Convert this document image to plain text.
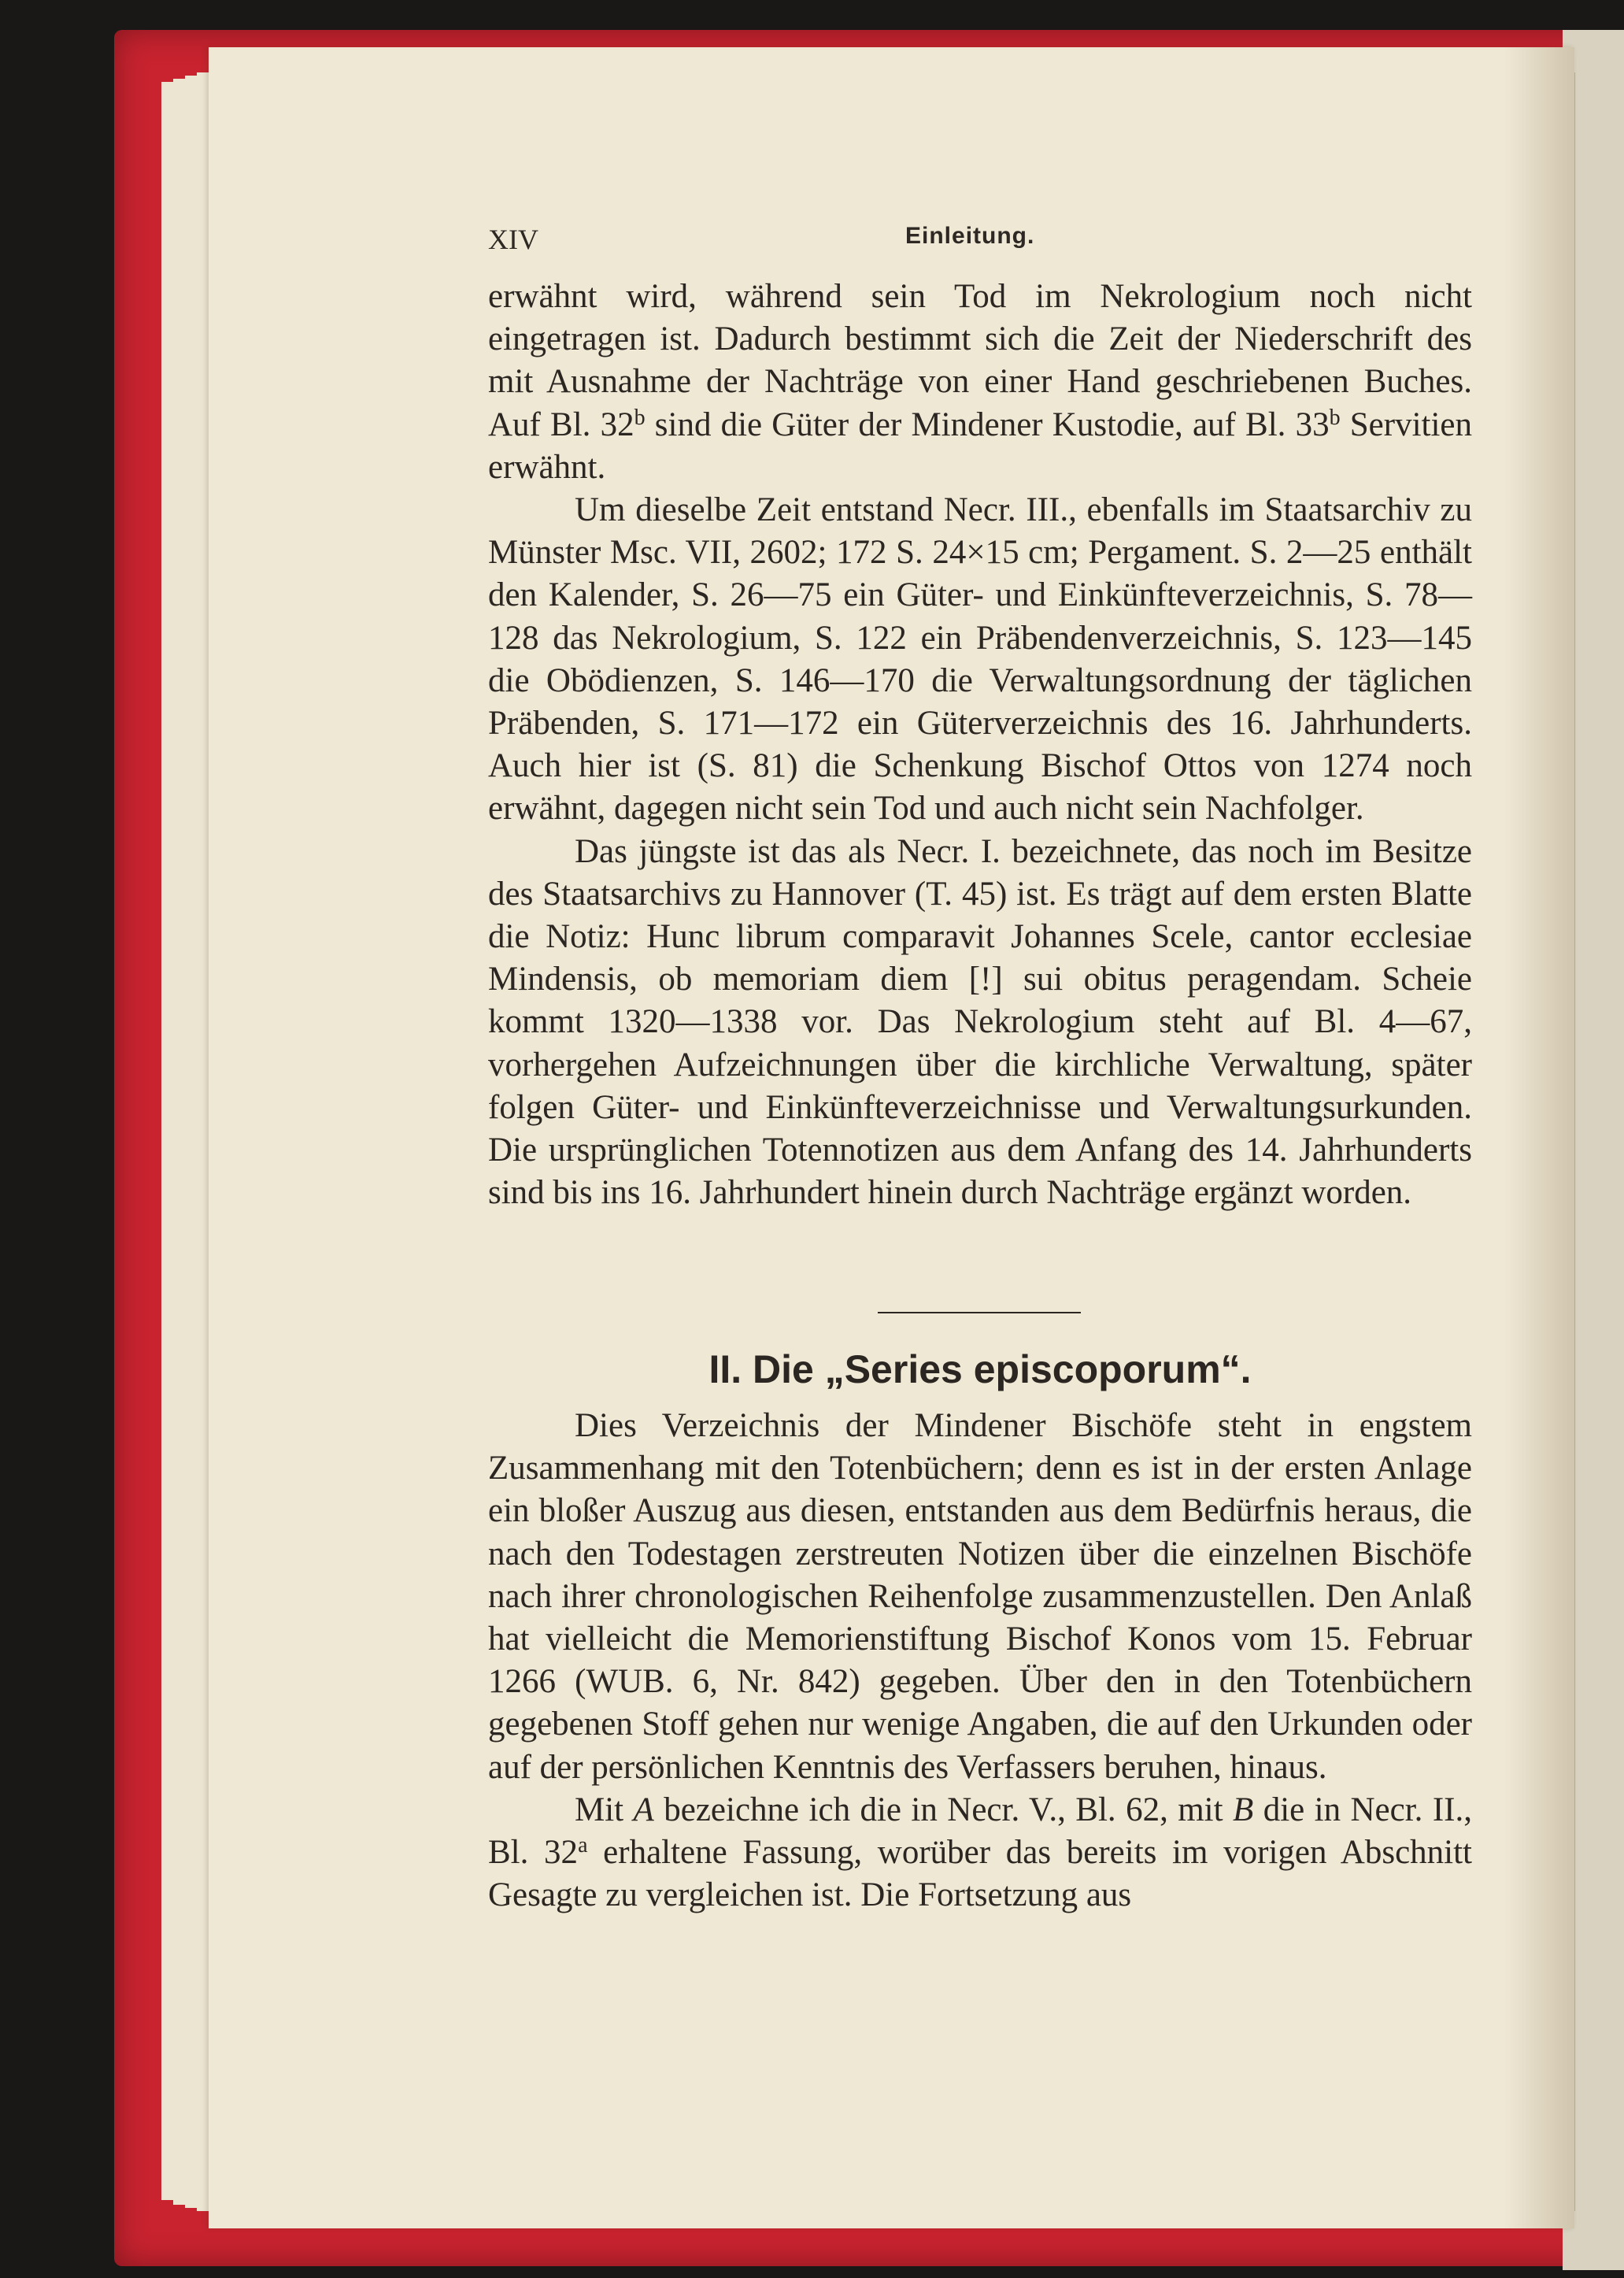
XIV	Einleitung.

erwähnt wird, während sein Tod im Nekrologium noch nicht eingetragen ist. Dadurch bestimmt sich die Zeit der Niederschrift des mit Ausnahme der Nachträge von einer Hand geschriebenen Buches. Auf Bl. 32$^b$ sind die Güter der Mindener Kustodie, auf Bl. 33$^b$ Servitien erwähnt.

Um dieselbe Zeit entstand Necr. III., ebenfalls im Staatsarchiv zu Münster Msc. VII, 2602; 172 S. 24×15 cm; Pergament. S. 2—25 enthält den Kalender, S. 26—75 ein Güter- und Einkünfteverzeichnis, S. 78—128 das Nekrologium, S. 122 ein Präbendenverzeichnis, S. 123—145 die Obödienzen, S. 146—170 die Verwaltungsordnung der täglichen Präbenden, S. 171—172 ein Güterverzeichnis des 16. Jahrhunderts. Auch hier ist (S. 81) die Schenkung Bischof Ottos von 1274 noch erwähnt, dagegen nicht sein Tod und auch nicht sein Nachfolger.

Das jüngste ist das als Necr. I. bezeichnete, das noch im Besitze des Staatsarchivs zu Hannover (T. 45) ist. Es trägt auf dem ersten Blatte die Notiz: Hunc librum comparavit Johannes Scele, cantor ecclesiae Mindensis, ob memoriam diem [!] sui obitus peragendam. Scheie kommt 1320—1338 vor. Das Nekrologium steht auf Bl. 4—67, vorhergehen Aufzeichnungen über die kirchliche Verwaltung, später folgen Güter- und Einkünfteverzeichnisse und Verwaltungsurkunden. Die ursprünglichen Totennotizen aus dem Anfang des 14. Jahrhunderts sind bis ins 16. Jahrhundert hinein durch Nachträge ergänzt worden.

II. Die „Series episcoporum“.

Dies Verzeichnis der Mindener Bischöfe steht in engstem Zusammenhang mit den Totenbüchern; denn es ist in der ersten Anlage ein bloßer Auszug aus diesen, entstanden aus dem Bedürfnis heraus, die nach den Todestagen zerstreuten Notizen über die einzelnen Bischöfe nach ihrer chronologischen Reihenfolge zusammenzustellen. Den Anlaß hat vielleicht die Memorienstiftung Bischof Konos vom 15. Februar 1266 (WUB. 6, Nr. 842) gegeben. Über den in den Totenbüchern gegebenen Stoff gehen nur wenige Angaben, die auf den Urkunden oder auf der persönlichen Kenntnis des Verfassers beruhen, hinaus.

Mit A bezeichne ich die in Necr. V., Bl. 62, mit B die in Necr. II., Bl. 32$^a$ erhaltene Fassung, worüber das bereits im vorigen Abschnitt Gesagte zu vergleichen ist. Die Fortsetzung aus
